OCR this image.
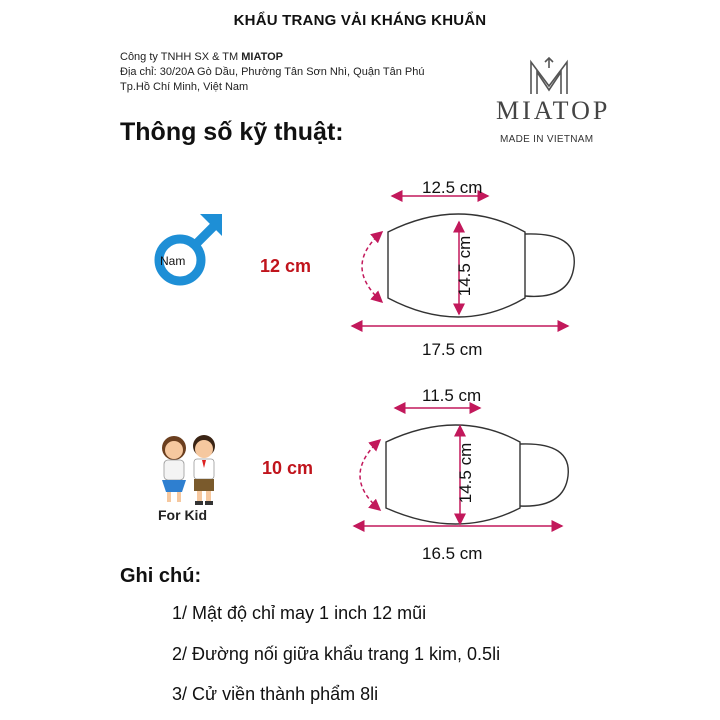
KHẨU TRANG VẢI KHÁNG KHUẨN
Công ty TNHH SX & TM MIATOP
Địa chỉ: 30/20A Gò Dầu, Phường Tân Sơn Nhì, Quận Tân Phú
Tp.Hồ Chí Minh, Việt Nam
MIATOP
MADE IN VIETNAM
Thông số kỹ thuật:
Nam	12 cm
12.5 cm
14.5 cm
17.5 cm
For Kid
10 cm
11.5 cm
14.5 cm
16.5 cm
Ghi chú:
1/ Mật độ chỉ may 1 inch 12 mũi
2/ Đường nối giữa khẩu trang 1 kim, 0.5li
3/ Cử viền thành phẩm 8li
